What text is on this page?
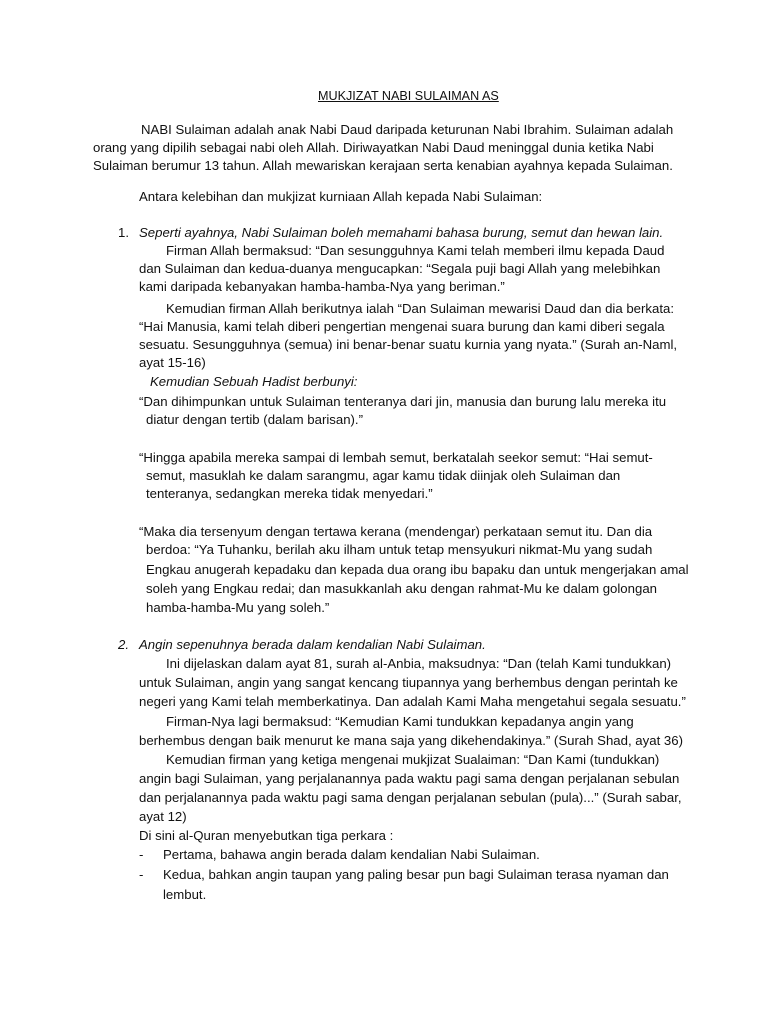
MUKJIZAT NABI SULAIMAN AS
NABI Sulaiman adalah anak Nabi Daud daripada keturunan Nabi Ibrahim. Sulaiman adalah
orang yang dipilih sebagai nabi oleh Allah. Diriwayatkan Nabi Daud meninggal dunia ketika Nabi
Sulaiman berumur 13 tahun. Allah mewariskan kerajaan serta kenabian ayahnya kepada Sulaiman.
Antara kelebihan dan mukjizat kurniaan Allah kepada Nabi Sulaiman:
1. Seperti ayahnya, Nabi Sulaiman boleh memahami bahasa burung, semut dan hewan lain.
Firman Allah bermaksud: “Dan sesungguhnya Kami telah memberi ilmu kepada Daud
dan Sulaiman dan kedua-duanya mengucapkan: “Segala puji bagi Allah yang melebihkan
kami daripada kebanyakan hamba-hamba-Nya yang beriman.”
Kemudian firman Allah berikutnya ialah “Dan Sulaiman mewarisi Daud dan dia berkata:
“Hai Manusia, kami telah diberi pengertian mengenai suara burung dan kami diberi segala
sesuatu. Sesungguhnya (semua) ini benar-benar suatu kurnia yang nyata.” (Surah an-Naml,
ayat 15-16)
Kemudian Sebuah Hadist berbunyi:
“Dan dihimpunkan untuk Sulaiman tenteranya dari jin, manusia dan burung lalu mereka itu
diatur dengan tertib (dalam barisan).”
“Hingga apabila mereka sampai di lembah semut, berkatalah seekor semut: “Hai semut-
semut, masuklah ke dalam sarangmu, agar kamu tidak diinjak oleh Sulaiman dan
tenteranya, sedangkan mereka tidak menyedari.”
“Maka dia tersenyum dengan tertawa kerana (mendengar) perkataan semut itu. Dan dia
berdoa: “Ya Tuhanku, berilah aku ilham untuk tetap mensyukuri nikmat-Mu yang sudah
Engkau anugerah kepadaku dan kepada dua orang ibu bapaku dan untuk mengerjakan amal
soleh yang Engkau redai; dan masukkanlah aku dengan rahmat-Mu ke dalam golongan
hamba-hamba-Mu yang soleh.”
2. Angin sepenuhnya berada dalam kendalian Nabi Sulaiman.
Ini dijelaskan dalam ayat 81, surah al-Anbia, maksudnya: “Dan (telah Kami tundukkan)
untuk Sulaiman, angin yang sangat kencang tiupannya yang berhembus dengan perintah ke
negeri yang Kami telah memberkatinya. Dan adalah Kami Maha mengetahui segala sesuatu.”
Firman-Nya lagi bermaksud: “Kemudian Kami tundukkan kepadanya angin yang
berhembus dengan baik menurut ke mana saja yang dikehendakinya.” (Surah Shad, ayat 36)
Kemudian firman yang ketiga mengenai mukjizat Sualaiman: “Dan Kami (tundukkan)
angin bagi Sulaiman, yang perjalanannya pada waktu pagi sama dengan perjalanan sebulan
dan perjalanannya pada waktu pagi sama dengan perjalanan sebulan (pula)...” (Surah sabar,
ayat 12)
Di sini al-Quran menyebutkan tiga perkara :
- Pertama, bahawa angin berada dalam kendalian Nabi Sulaiman.
- Kedua, bahkan angin taupan yang paling besar pun bagi Sulaiman terasa nyaman dan
lembut.
